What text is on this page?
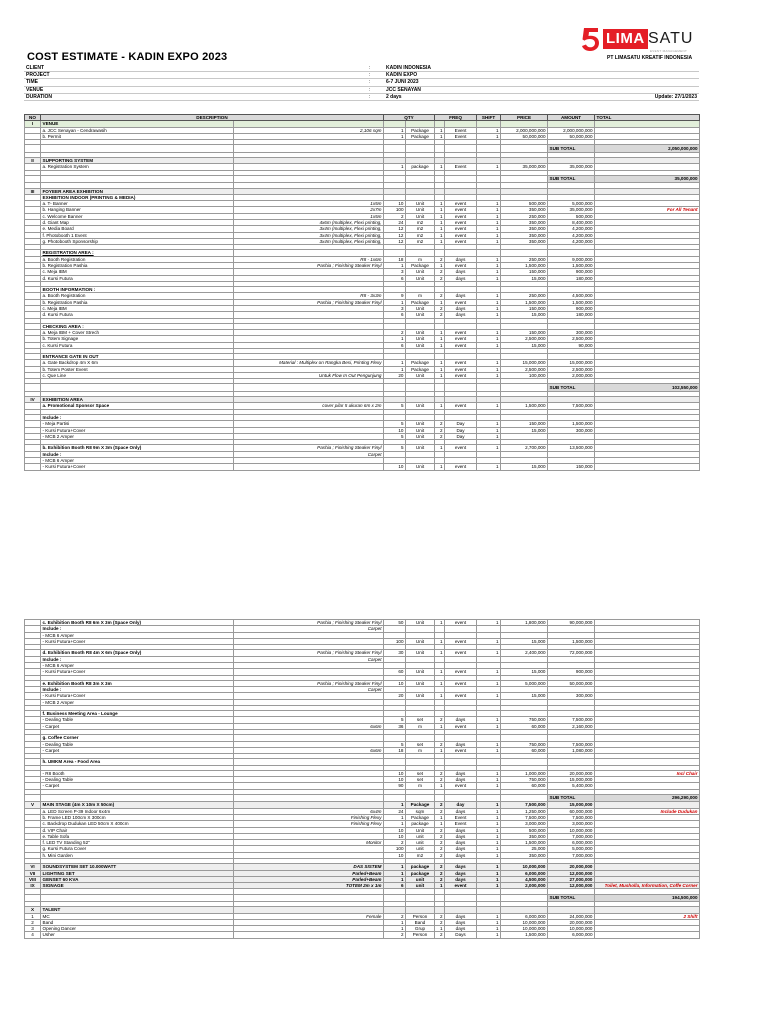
COST ESTIMATE - KADIN EXPO 2023
LIMA SATU
EVENT MANAGEMENT
PT LIMASATU KREATIF INDONESIA
CLIENT	:	KADIN INDONESIA
PROJECT	:	KADIN EXPO
TIME	:	6-7 JUNI 2023
VENUE	:	JCC SENAYAN
DURATION	:	2 days	Update: 27/1/2023
NO	DESCRIPTION		QTY		FREQ		SHIFT	PRICE	AMOUNT	TOTAL
I	VENUE									
	a. JCC Senayan - Cendrawasih	2,106 sqm	1	Package	1	Event	1	2,000,000,000	2,000,000,000	
	b. Permit		1	Package	1	Event	1	50,000,000	50,000,000	

									SUB TOTAL	2,050,000,000

II	SUPPORTING SYSTEM									
	a. Registration System		1	package	1	Event	1	35,000,000	35,000,000	

									SUB TOTAL	35,000,000

III	FOYEER AREA EXHIBITION									
	EXHIBITION INDOOR (PRINTING & MEDIA)									
	a. T- Banner	1x5m	10	Unit	1	event	1	500,000	5,000,000	
	b. Hanging Banner	2x7m	100	Unit	1	event	1	350,000	35,000,000	For All Tenant
	c. Welcome Banner	1x5m	2	Unit	1	event	1	250,000	500,000	
	d. Giant Map	4x6m (multiplex, Flexi printing,	24	m2	1	event	1	350,000	8,400,000	
	e. Media Board	3x4m (multiplex, Flexi printing,	12	m2	1	event	1	350,000	4,200,000	
	f. Photobooth 1 Event	3x4m (multiplex, Flexi printing,	12	m2	1	event	1	350,000	4,200,000	
	g. Photobooth Sponsorship	3x4m (multiplex, Flexi printing,	12	m2	1	event	1	350,000	4,200,000	

	REGISTRATION AREA :									
	a. Booth Registration	R8 - 1x6m	18	m	2	days	1	250,000	9,000,000	
	b. Registration Pashia	Pashia ; Finishing Steaker Finyl	1	Package	1	event	1	1,500,000	1,500,000	
	c. Meja IBM		3	Unit	2	days	1	150,000	900,000	
	d. Kursi Futura		6	Unit	2	days	1	15,000	180,000	

	BOOTH INFORMATION :									
	a. Booth Registration	R8 - 3x3m	9	m	2	days	1	250,000	4,500,000	
	b. Registration Pashia	Pashia ; Finishing Steaker Finyl	1	Package	1	event	1	1,500,000	1,500,000	
	c. Meja IBM		3	Unit	2	days	1	150,000	900,000	
	d. Kursi Futura		6	Unit	2	days	1	15,000	180,000	

	CHECKING AREA :									
	a. Meja IBM + Cover Strech		2	Unit	1	event	1	150,000	300,000	
	b. Totem Signage		1	Unit	1	event	1	2,500,000	2,500,000	
	c. Kursi Futura		6	Unit	1	event	1	15,000	90,000	

	ENTRANCE GATE IN OUT									
	a. Gate Backdrop 4m X 6m	Material : Multiplex on Rangka Besi, Printing Flexy	1	Package	1	event	1	15,000,000	15,000,000	
	b. Totem Poster Event		1	Package	1	event	1	2,500,000	2,500,000	
	c. Que Line	Untuk Flow In Out Pengunjung	20	Unit	1	event	1	100,000	2,000,000	

									SUB TOTAL	102,550,000

IV	EXHIBITION AREA									
	a. Promotional Sponsor Space	cover pilar 5 ukuran 6m x 2m	5	Unit	1	event	1	1,500,000	7,500,000	

	Include :									
	- Meja Partisi		5	Unit	2	Day	1	150,000	1,500,000	
	- Kursi Futura+Cover		10	Unit	2	Day	1	15,000	300,000	
	- MCB 2 Amper		5	Unit	2	Day	1			

	b. Exhibition Booth R8 9m X 3m (Space Only)	Pashia ; Finishing Steaker Finyl	5	Unit	1	event	1	2,700,000	13,500,000	
	Include :	Carpet								
	- MCB 6 Amper									
	- Kursi Futura+Cover		10	Unit	1	event	1	15,000	150,000	
	c. Exhibition Booth R8 6m X 3m (Space Only)	Pashia ; Finishing Steaker Finyl	50	Unit	1	event	1	1,800,000	90,000,000	
	Include :	Carpet								
	- MCB 6 Amper									
	- Kursi Futura+Cover		100	Unit	1	event	1	15,000	1,500,000	

	d. Exhibition Booth R8 4m X 6m (Space Only)	Pashia ; Finishing Steaker Finyl	30	Unit	1	event	1	2,400,000	72,000,000	
	Include :	Carpet								
	- MCB 6 Amper									
	- Kursi Futura+Cover		60	Unit	1	event	1	15,000	900,000	

	e. Exhibition Booth R8 3m X 3m	Pashia ; Finishing Steaker Finyl	10	Unit	1	event	1	5,000,000	50,000,000	
	Include :	Carpet								
	- Kursi Futura+Cover		20	Unit	1	event	1	15,000	300,000	
	- MCB 2 Amper									

	f. Business Meeting Area - Lounge									
	- Dealing Table		5	set	2	days	1	750,000	7,500,000	
	- Carpet	6x6m	36	m	1	event	1	60,000	2,160,000	

	g. Coffee Corner									
	- Dealing Table		5	set	2	days	1	750,000	7,500,000	
	- Carpet	6x6m	18	m	1	event	1	60,000	1,080,000	

	h. UMKM Area - Food Area									

	- R8 Booth		10	set	2	days	1	1,000,000	20,000,000	Incl Chair
	- Dealing Table		10	set	2	days	1	750,000	15,000,000	
	- Carpet		90	m	1	event	1	60,000	5,400,000	

									SUB TOTAL	296,290,000
V	MAIN STAGE (4m X 10m X 50cm)		1	Package	2	day	1	7,500,000	15,000,000	
	a. LED Screen P-39 Indoor 6x4m	6x4m	24	sqm	2	days	1	1,250,000	60,000,000	Include Dudukan
	b. Frame LED 100cm X 300cm	Finishing Flexy	1	Package	1	Event	1	7,500,000	7,500,000	
	c. Backdrop Dudukan LED 50cm X 400cm	Finishing Flexy	1	package	1	Event	1	3,000,000	3,000,000	
	d. VIP Chair		10	Unit	2	days	1	500,000	10,000,000	
	e. Table Sofa		10	unit	2	days	1	350,000	7,000,000	
	f. LED TV Standing 52"	Monitor	2	unit	2	days	1	1,500,000	6,000,000	
	g. Kursi Futura Cover		100	unit	2	days	1	25,000	5,000,000	
	h. Mini Garden		10	m2	2	days	1	350,000	7,000,000	

VI	SOUNDSYSTEM SET 10.000WATT	DAS SISTEM	1	package	2	days	1	10,000,000	20,000,000	
VII	LIGHTING SET	Parled+Beam	1	package	2	days	1	6,000,000	12,000,000	
VIII	GENSET 60 KVA	Parled+Beam	1	unit	2	days	1	4,500,000	27,000,000	
IX	SIGNAGE	TOTEM 2m x 1m	6	unit	1	event	1	2,000,000	12,000,000	Toilet, Musholla, Information, Coffe Corner

									SUB TOTAL	194,500,000

X	TALENT									
1	MC	Female	2	Person	2	days	1	6,000,000	24,000,000	2 Shift
2	Band		1	Band	2	days	1	10,000,000	20,000,000	
3	Opening Dancer		1	Grup	1	days	1	10,000,000	10,000,000	
4	Usher		2	Person	2	Days	1	1,500,000	6,000,000	
